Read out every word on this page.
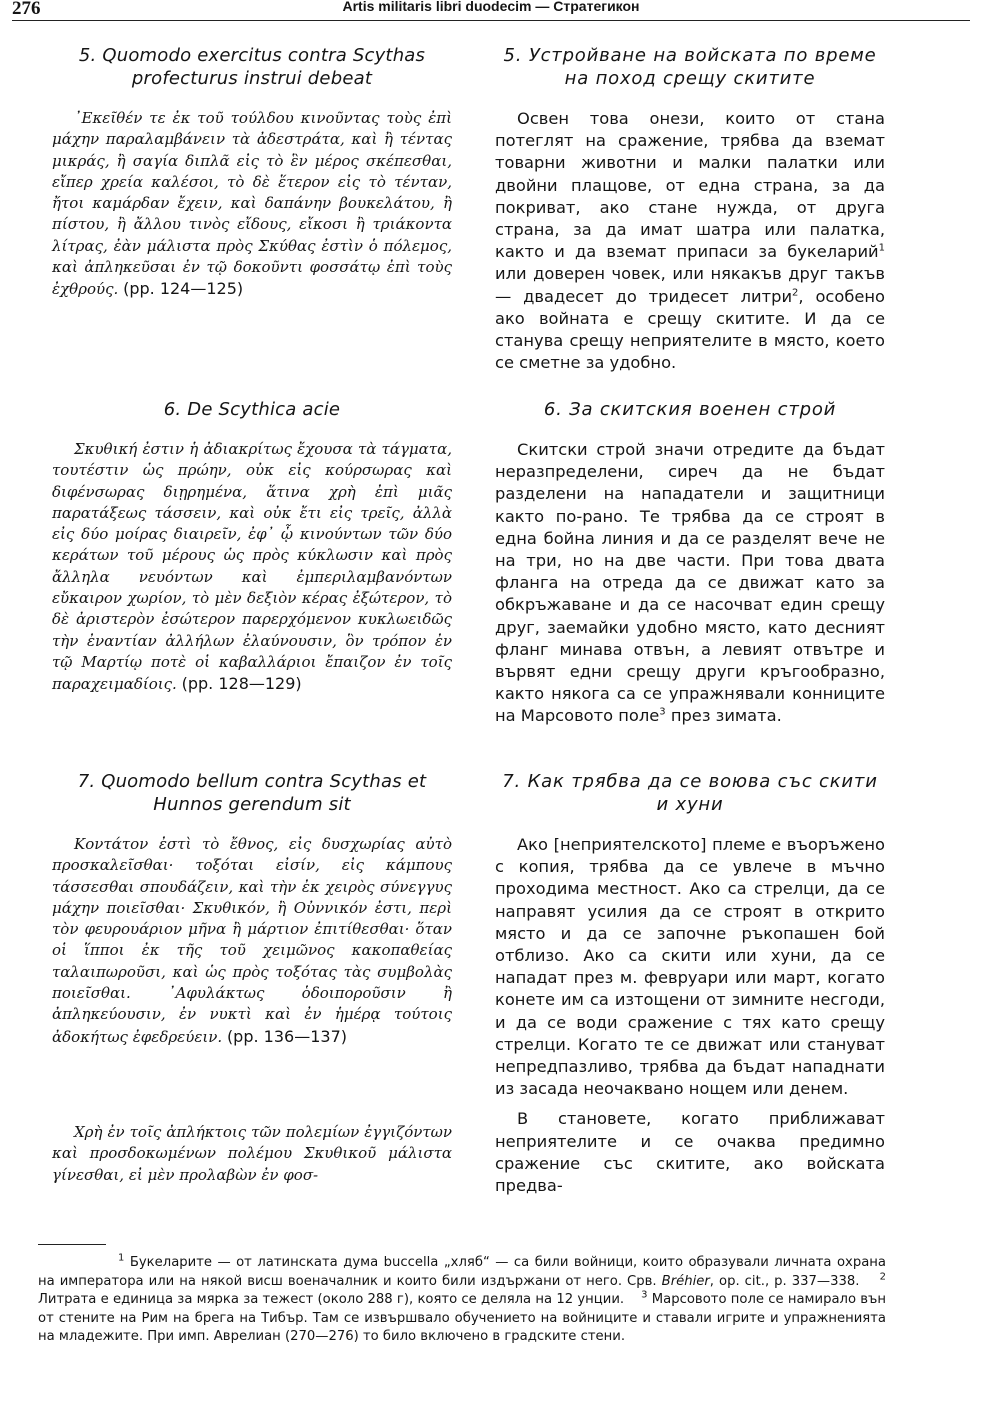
276	Artis militaris libri duodecim — Стратегикон
5. Quomodo exercitus contra Scythas profecturus instrui debeat

᾿Εκεῖθέν τε ἐκ τοῦ τούλδου κινοῦντας τοὺς ἐπὶ μάχην παραλαμβάνειν τὰ ἀδεστράτα, καὶ ἢ τέντας μικράς, ἢ σαγία διπλᾶ εἰς τὸ ἓν μέρος σκέπεσθαι, εἴπερ χρεία καλέσοι, τὸ δὲ ἕτερον εἰς τὸ τένταν, ἤτοι καμάρδαν ἔχειν, καὶ δαπάνην βουκελάτου, ἢ πίστου, ἢ ἄλλου τινὸς εἴδους, εἴκοσι ἢ τριάκοντα λίτρας, ἐὰν μάλιστα πρὸς Σκύθας ἐστὶν ὁ πόλεμος, καὶ ἀπληκεῦσαι ἐν τῷ δοκοῦντι φοσσάτῳ ἐπὶ τοὺς ἐχθρούς. (pp. 124—125)

6. De Scythica acie

Σκυθική ἐστιν ἡ ἀδιακρίτως ἔχουσα τὰ τάγματα, τουτέστιν ὡς πρώην, οὐκ εἰς κούρσωρας καὶ διφένσωρας διῃρημένα, ἅτινα χρὴ ἐπὶ μιᾶς παρατάξεως τάσσειν, καὶ οὐκ ἔτι εἰς τρεῖς, ἀλλὰ εἰς δύο μοίρας διαιρεῖν, ἐφ᾿ ᾧ κινούντων τῶν δύο κεράτων τοῦ μέρους ὡς πρὸς κύκλωσιν καὶ πρὸς ἄλληλα νευόντων καὶ ἐμπεριλαμβανόντων εὔκαιρον χωρίον, τὸ μὲν δεξιὸν κέρας ἐξώτερον, τὸ δὲ ἀριστερὸν ἐσώτερον παρερχόμενον κυκλωειδῶς τὴν ἐναντίαν ἀλλήλων ἐλαύνουσιν, ὃν τρόπον ἐν τῷ Μαρτίῳ ποτὲ οἱ καβαλλάριοι ἔπαιζον ἐν τοῖς παραχειμαδίοις. (pp. 128—129)

7. Quomodo bellum contra Scythas et Hunnos gerendum sit

Κοντάτον ἐστὶ τὸ ἔθνος, εἰς δυσχωρίας αὐτὸ προσκαλεῖσθαι· τοξόται εἰσίν, εἰς κάμπους τάσσεσθαι σπουδάζειν, καὶ τὴν ἐκ χειρὸς σύνεγγυς μάχην ποιεῖσθαι· Σκυθικόν, ἢ Οὐννικόν ἐστι, περὶ τὸν φευρουάριον μῆνα ἢ μάρτιον ἐπιτίθεσθαι· ὅταν οἱ ἵπποι ἐκ τῆς τοῦ χειμῶνος κακοπαθείας ταλαιπωροῦσι, καὶ ὡς πρὸς τοξότας τὰς συμβολὰς ποιεῖσθαι. ᾿Αφυλάκτως ὁδοιποροῦσιν ἢ ἀπληκεύουσιν, ἐν νυκτὶ καὶ ἐν ἡμέρᾳ τούτοις ἀδοκήτως ἐφεδρεύειν. (pp. 136—137)

Χρὴ ἐν τοῖς ἀπλήκτοις τῶν πολεμίων ἐγγιζόντων καὶ προσδοκωμένων πολέμου Σκυθικοῦ μάλιστα γίνεσθαι, εἰ μὲν προλαβὼν ἐν φοσ-

5. Устройване на войската по време на поход срещу скитите

Освен това онези, които от стана потеглят на сражение, трябва да вземат товарни животни и малки палатки или двойни плащове, от една страна, за да покриват, ако стане нужда, от друга страна, за да имат шатра или палатка, както и да вземат припаси за букеларий$^1$ или доверен човек, или някакъв друг такъв — двадесет до тридесет литри$^2$, особено ако войната е срещу скитите. И да се станува срещу неприятелите в място, което се сметне за удобно.

6. За скитския военен строй

Скитски строй значи отредите да бъдат неразпределени, сиреч да не бъдат разделени на нападатели и защитници както по-рано. Те трябва да се строят в една бойна линия и да се разделят вече не на три, но на две части. При това двата фланга на отреда да се движат като за обкръжаване и да се насочват един срещу друг, заемайки удобно място, като десният фланг минава отвън, а левият отвътре и вървят едни срещу други кръгообразно, както някога са се упражнявали конниците на Марсовото поле$^3$ през зимата.

7. Как трябва да се воюва със скити и хуни

Ако [неприятелското] племе е въоръжено с копия, трябва да се увлече в мъчно проходима местност. Ако са стрелци, да се направят усилия да се строят в открито място и да се започне ръкопашен бой отблизо. Ако са скити или хуни, да се нападат през м. февруари или март, когато конете им са изтощени от зимните несгоди, и да се води сражение с тях като срещу стрелци. Когато те се движат или стануват непредпазливо, трябва да бъдат нападнати из засада неочаквано нощем или денем.

В становете, когато приближават неприятелите и се очаква предимно сражение със скитите, ако войската предва-

$^1$ Букеларите — от латинската дума buccella „хляб“ — са били войници, които образували личната охрана на императора или на някой висш военачалник и които били издържани от него. Срв. Bréhier, op. cit., p. 337—338. $^2$ Литрата е единица за мярка за тежест (около 288 г), която се деляла на 12 унции. $^3$ Марсовото поле се намирало вън от стените на Рим на брега на Тибър. Там се извършвало обучението на войниците и ставали игрите и упражненията на младежите. При имп. Аврелиан (270—276) то било включено в градските стени.
